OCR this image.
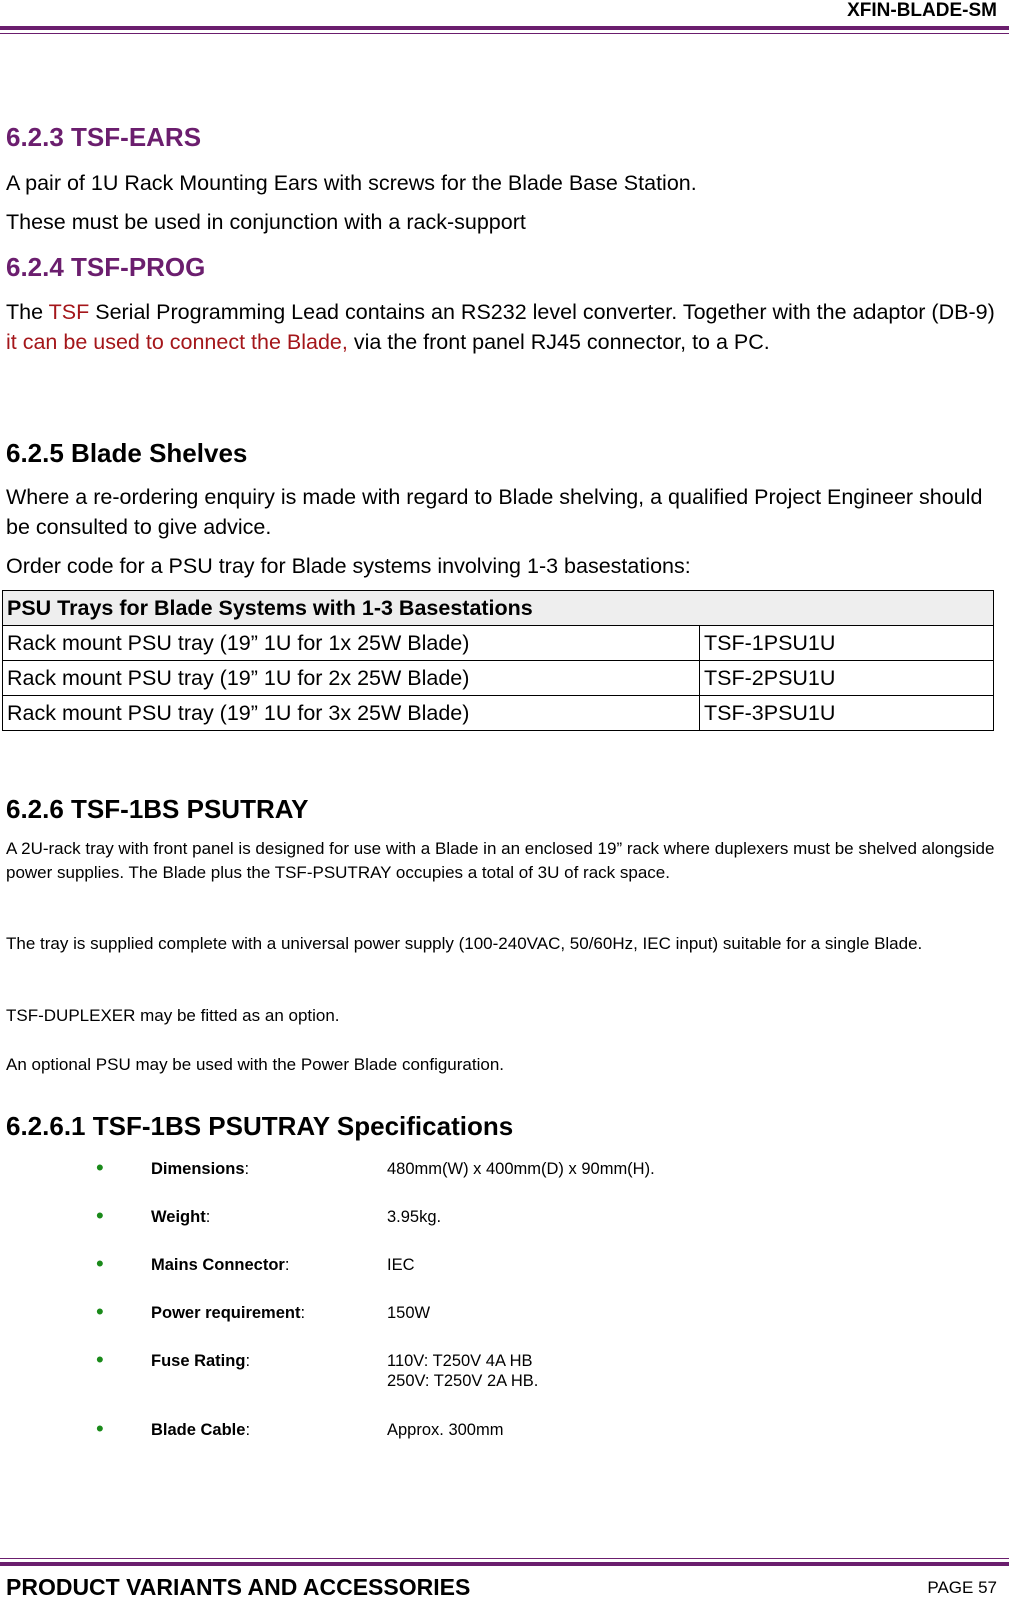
XFIN-BLADE-SM
6.2.3 TSF-EARS

A pair of 1U Rack Mounting Ears with screws for the Blade Base Station.

These must be used in conjunction with a rack-support

6.2.4 TSF-PROG

The TSF Serial Programming Lead contains an RS232 level converter. Together with the adaptor (DB-9) it can be used to connect the Blade, via the front panel RJ45 connector, to a PC.

6.2.5 Blade Shelves

Where a re-ordering enquiry is made with regard to Blade shelving, a qualified Project Engineer should be consulted to give advice.

Order code for a PSU tray for Blade systems involving 1-3 basestations:

PSU Trays for Blade Systems with 1-3 Basestations	
Rack mount PSU tray (19” 1U for 1x 25W Blade)	TSF-1PSU1U
Rack mount PSU tray (19” 1U for 2x 25W Blade)	TSF-2PSU1U
Rack mount PSU tray (19” 1U for 3x 25W Blade)	TSF-3PSU1U
6.2.6 TSF-1BS PSUTRAY

A 2U-rack tray with front panel is designed for use with a Blade in an enclosed 19” rack where duplexers must be shelved alongside power supplies. The Blade plus the TSF-PSUTRAY occupies a total of 3U of rack space.

The tray is supplied complete with a universal power supply (100-240VAC, 50/60Hz, IEC input) suitable for a single Blade.

TSF-DUPLEXER may be fitted as an option.

An optional PSU may be used with the Power Blade configuration.

6.2.6.1 TSF-1BS PSUTRAY Specifications
•	Dimensions:	480mm(W) x 400mm(D) x 90mm(H).
•	Weight:	3.95kg.
•	Mains Connector:	IEC
•	Power requirement:	150W
•	Fuse Rating:	110V: T250V 4A HB
250V: T250V 2A HB.
•	Blade Cable:	Approx. 300mm
PRODUCT VARIANTS AND ACCESSORIES	PAGE 57
